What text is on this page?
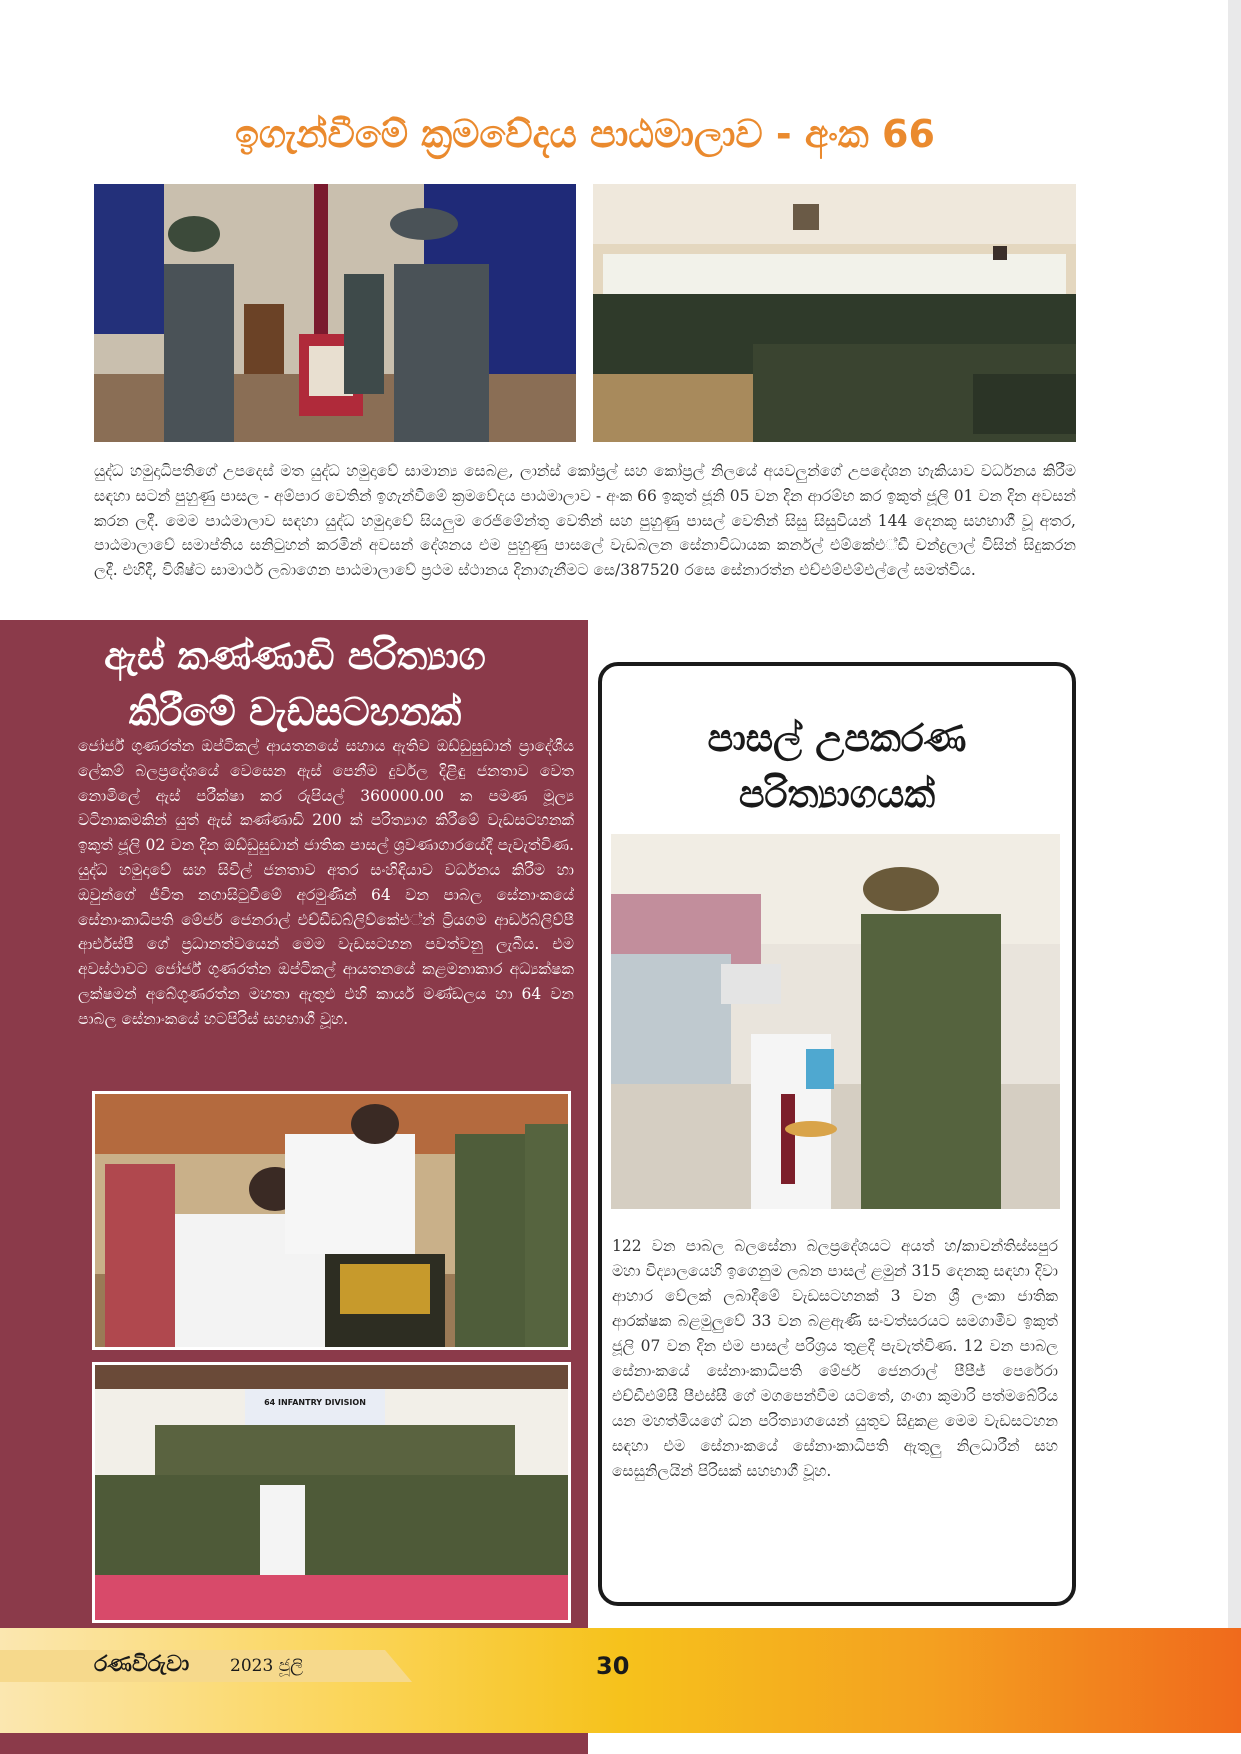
ඉගැන්වීමේ ක්‍රමවේදය පාඨමාලාව - අංක 66

යුද්ධ හමුදාධිපතිගේ උපදෙස් මත යුද්ධ හමුදාවේ සාමාන්‍ය සෙබළ, ලාන්ස් කෝප්‍රල් සහ කෝප්‍රල් නිලයේ අයවලුන්ගේ උපදේශන හැකියාව වර්ධනය කිරීම සඳහා සටන් පුහුණු පාසල - අම්පාර වෙතින් ඉගැන්වීමේ ක්‍රමවේදය පාඨමාලාව - අංක 66 ඉකුත් ජූනි 05 වන දින ආරම්භ කර ඉකුත් ජූලි 01 වන දින අවසන් කරන ලදී. මෙම පාඨමාලාව සඳහා යුද්ධ හමුදාවේ සියලුම රෙජිමේන්තු වෙතින් සහ පුහුණු පාසල් වෙතින් සිසු සිසුවියන් 144 දෙනකු සහභාගී වූ අතර, පාඨමාලාවේ සමාප්තිය සනිටුහන් කරමින් අවසන් දේශනය එම පුහුණු පාසලේ වැඩබලන සේනාවිධායක කර්නල් එම්කේඑ්ඩී චන්ද්‍රලාල් විසින් සිදුකරන ලදී. එහිදී, විශිෂ්ට සාමාර්ථ ලබාගෙන පාඨමාලාවේ ප්‍රථම ස්ථානය දිනාගැනීමට සෙ/387520 රසෙ සේනාරත්න එච්එම්එම්එල්ලේ සමත්විය.

ඇස් කණ්ණාඩි පරිත්‍යාග
කිරීමේ වැඩසටහනක්

ජෝර්ජ් ගුණරත්න ඔප්ටිකල් ආයතනයේ සහාය ඇතිව ඔඩ්ඩුසුඩාන් ප්‍රාදේශීය ලේකම් බලප්‍රදේශයේ වෙසෙන ඇස් පෙනීම දුර්වල දිළිඳු ජනතාව වෙත නොමිලේ ඇස් පරීක්ෂා කර රුපියල් 360000.00 ක පමණ මූල්‍ය වටිනාකමකින් යුත් ඇස් කණ්ණාඩි 200 ක් පරිත්‍යාග කිරීමේ වැඩසටහනක් ඉකුත් ජූලි 02 වන දින ඔඩ්ඩුසුඩාන් ජාතික පාසල් ශ්‍රවණාගාරයේදී පැවැත්විණ. යුද්ධ හමුදාවේ සහ සිවිල් ජනතාව අතර සංහිඳියාව වර්ධනය කිරීම හා ඔවුන්ගේ ජීවිත නගාසිටුවීමේ අරමුණින් 64 වන පාබල සේනාංකයේ සේනාංකාධිපති මේජර් ජෙනරාල් එච්ඩීඩබ්ලිව්කේඑ්න් ට්‍රියගම ආර්ඩබ්ලිව්පී ආර්එස්පී ගේ ප්‍රධානත්වයෙන් මෙම වැඩසටහන පවත්වනු ලැබීය. එම අවස්ථාවට ජෝර්ජ් ගුණරත්න ඔප්ටිකල් ආයතනයේ කළමනාකාර අධ්‍යක්ෂක ලක්ෂමන් අබේගුණරත්න මහතා ඇතුළු එහි කාර්ය මණ්ඩලය හා 64 වන පාබල සේනාංකයේ හටපිරිස් සහභාගී වූහ.

64 INFANTRY DIVISION
පාසල් උපකරණ
පරිත්‍යාගයක්

122 වන පාබල බලසේනා බලප්‍රදේශයට අයත් හ/කාවන්තිස්සපුර මහා විද්‍යාලයෙහි ඉගෙනුම ලබන පාසල් ළමුන් 315 දෙනකු සඳහා දිවා ආහාර වේලක් ලබාදීමේ වැඩසටහනක් 3 වන ශ්‍රී ලංකා ජාතික ආරක්ෂක බළමුලුවේ 33 වන බළඇණි සංවත්සරයට සමගාමීව ඉකුත් ජූලි 07 වන දින එම පාසල් පරිශ්‍රය තුළදී පැවැත්විණ. 12 වන පාබල සේනාංකයේ සේනාංකාධිපති මේජර් ජෙනරාල් පීපීජ් පෙරේරා එච්ඩීඑම්සී පීඑස්සී ගේ මගපෙන්වීම යටතේ, ගංගා කුමාරි පත්මබේරිය යන මහත්මියගේ ධන පරිත්‍යාගයෙන් යුතුව සිදුකළ මෙම වැඩසටහන සඳහා එම සේනාංකයේ සේනාංකාධිපති ඇතුලු නිලධාරීන් සහ සෙසුනිලයින් පිරිසක් සහභාගී වූහ.

රණවිරුවා 2023 ජූලි	30
